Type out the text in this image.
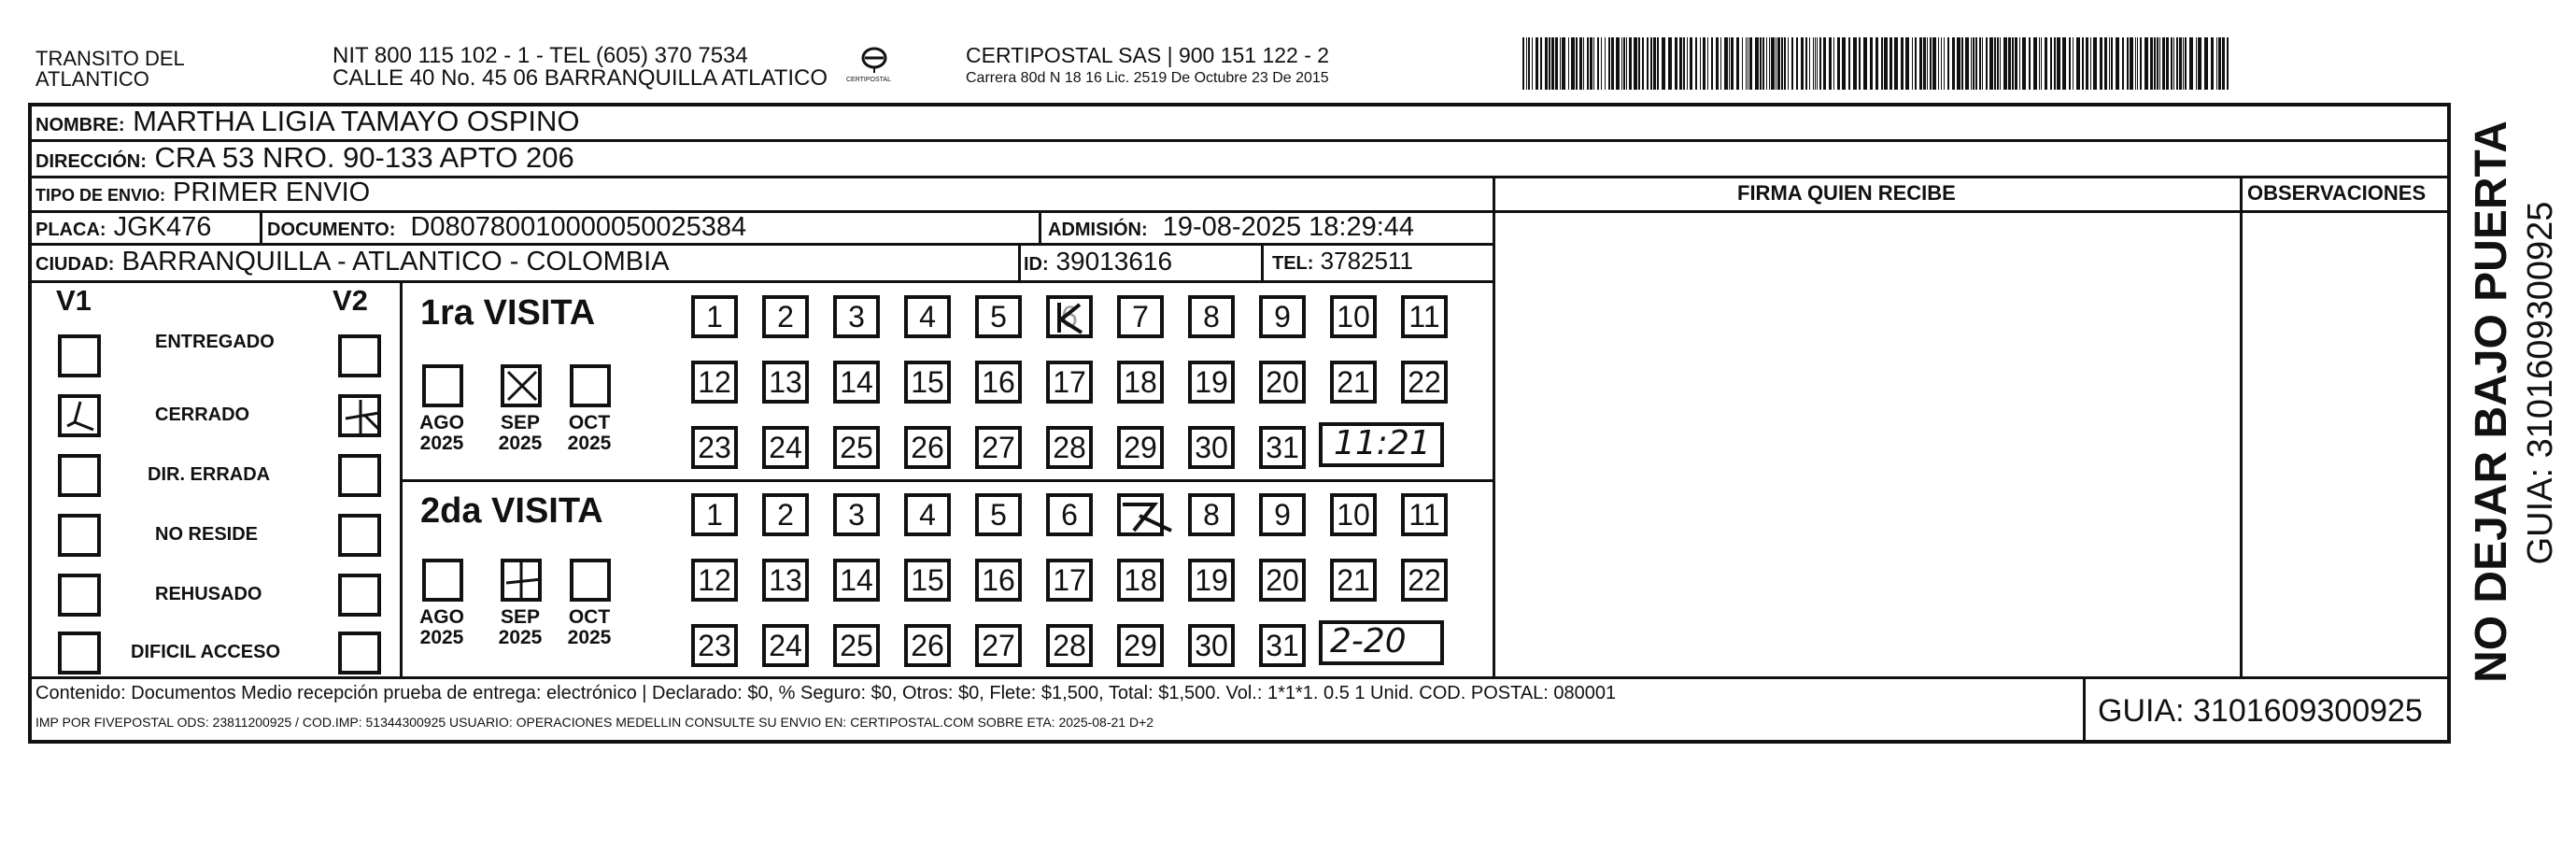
TRANSITO DEL
ATLANTICO
NIT 800 115 102 - 1 - TEL (605) 370 7534
CALLE 40 No. 45 06 BARRANQUILLA ATLATICO	CERTIPOSTAL
CERTIPOSTAL SAS | 900 151 122 - 2
Carrera 80d N 18 16 Lic. 2519 De Octubre 23 De 2015
NOMBRE: MARTHA LIGIA TAMAYO OSPINO
DIRECCIÓN: CRA 53 NRO. 90-133 APTO 206
TIPO DE ENVIO: PRIMER ENVIO	FIRMA QUIEN RECIBE	OBSERVACIONES
PLACA: JGK476	DOCUMENTO: D080780010000050025384	ADMISIÓN: 19-08-2025 18:29:44
CIUDAD: BARRANQUILLA - ATLANTICO - COLOMBIA	ID: 39013616	TEL: 3782511
V1	V2
ENTREGADO
CERRADO
DIR. ERRADA
NO RESIDE
REHUSADO
DIFICIL ACCESO
1ra VISITA
2da VISITA
AGO
2025
SEP
2025
OCT
2025
AGO
2025
SEP
2025
OCT
2025
1 2 3 4 5 6 7 8 9 10 11
12 13 14 15 16 17 18 19 20 21 22
23 24 25 26 27 28 29 30 31
1 2 3 4 5 6	8 9 10 11
12 13 14 15 16 17 18 19 20 21 22
23 24 25 26 27 28 29 30 31
11:21
2-20
Contenido: Documentos Medio recepción prueba de entrega: electrónico | Declarado: $0, % Seguro: $0, Otros: $0, Flete: $1,500, Total: $1,500. Vol.: 1*1*1. 0.5 1 Unid. COD. POSTAL: 080001
IMP POR FIVEPOSTAL ODS: 23811200925 / COD.IMP: 51344300925 USUARIO: OPERACIONES MEDELLIN CONSULTE SU ENVIO EN: CERTIPOSTAL.COM SOBRE ETA: 2025-08-21 D+2	GUIA: 3101609300925
NO DEJAR BAJO PUERTA GUIA: 3101609300925
